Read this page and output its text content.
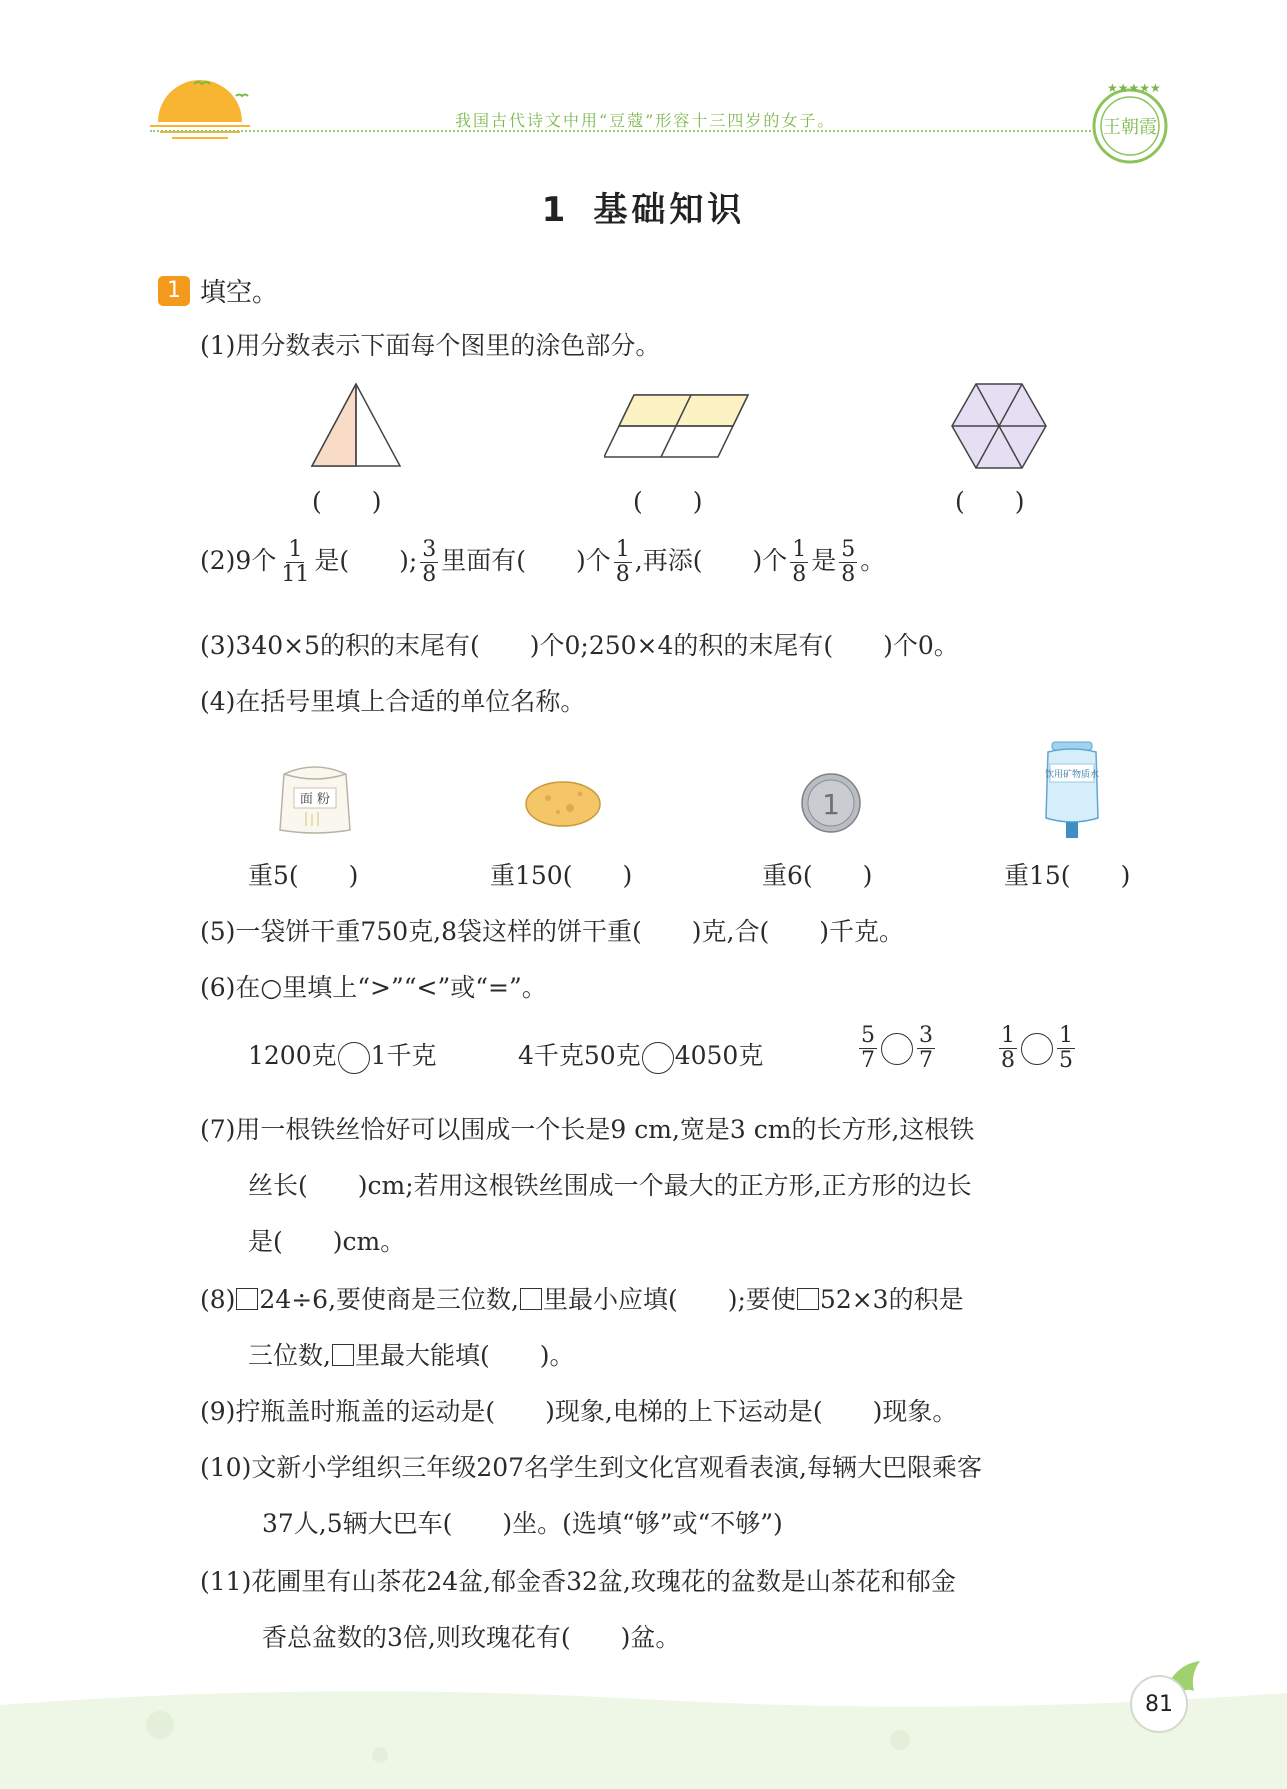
我国古代诗文中用“豆蔻”形容十三四岁的女子。
★★★★★
王朝霞
1 基础知识
1 填空。
(1)用分数表示下面每个图里的涂色部分。
(　　)	(　　)	(　　)
(2)9个 $\frac{1}{11}$ 是(　　); $\frac{3}{8}$ 里面有(　　)个 $\frac{1}{8}$ ,再添(　　)个 $\frac{1}{8}$ 是 $\frac{5}{8}$ 。
(3)340×5的积的末尾有(　　)个0;250×4的积的末尾有(　　)个0。
(4)在括号里填上合适的单位名称。
面 粉	1
饮用矿物质水
重5(　　)	重150(　　)	重6(　　)	重15(　　)
(5)一袋饼干重750克,8袋这样的饼干重(　　)克,合(　　)千克。
(6)在○里填上“>”“<”或“=”。
1200克 1千克	4千克50克 4050克	$\frac{5}{7} \frac{3}{7}$	$\frac{1}{8} \frac{1}{5}$
(7)用一根铁丝恰好可以围成一个长是9 cm,宽是3 cm的长方形,这根铁
丝长(　　)cm;若用这根铁丝围成一个最大的正方形,正方形的边长
是(　　)cm。
(8) 24÷6,要使商是三位数, 里最小应填(　　);要使 52×3的积是
三位数, 里最大能填(　　)。
(9)拧瓶盖时瓶盖的运动是(　　)现象,电梯的上下运动是(　　)现象。
(10)文新小学组织三年级207名学生到文化宫观看表演,每辆大巴限乘客
37人,5辆大巴车(　　)坐。(选填“够”或“不够”)
(11)花圃里有山茶花24盆,郁金香32盆,玫瑰花的盆数是山茶花和郁金
香总盆数的3倍,则玫瑰花有(　　)盆。
81
